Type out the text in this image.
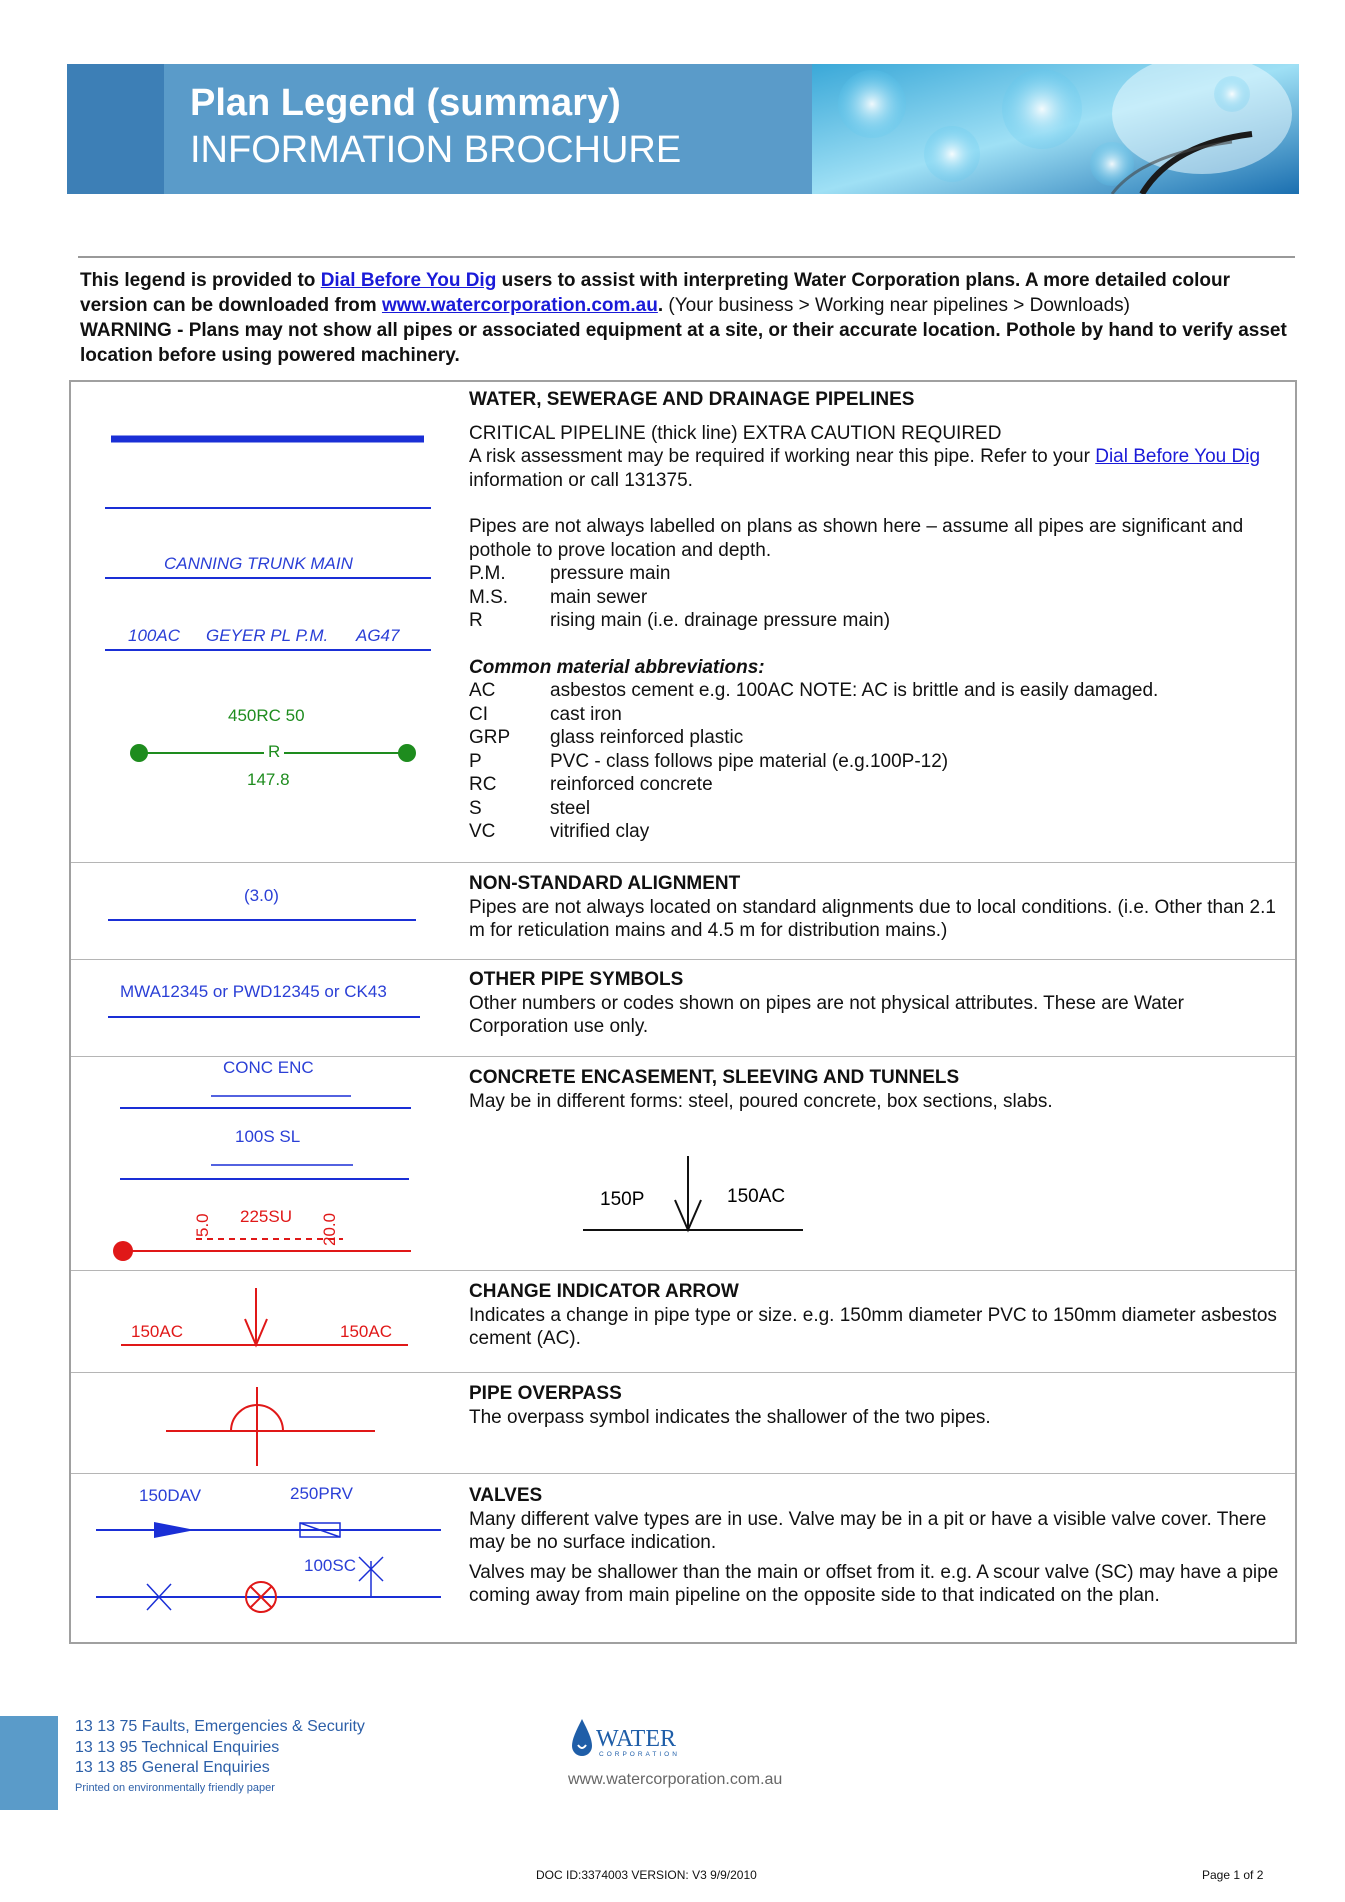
Plan Legend (summary)
INFORMATION BROCHURE
This legend is provided to Dial Before You Dig users to assist with interpreting Water Corporation plans. A more detailed colour version can be downloaded from www.watercorporation.com.au. (Your business > Working near pipelines > Downloads)
WARNING - Plans may not show all pipes or associated equipment at a site, or their accurate location. Pothole by hand to verify asset location before using powered machinery.
WATER, SEWERAGE AND DRAINAGE PIPELINES
CRITICAL PIPELINE (thick line) EXTRA CAUTION REQUIRED
A risk assessment may be required if working near this pipe. Refer to your Dial Before You Dig information or call 131375.
Pipes are not always labelled on plans as shown here – assume all pipes are significant and pothole to prove location and depth.
P.M.	pressure main
M.S.	main sewer
R	rising main (i.e. drainage pressure main)
Common material abbreviations:
AC	asbestos cement e.g. 100AC NOTE: AC is brittle and is easily damaged.
CI	cast iron
GRP	glass reinforced plastic
P	PVC - class follows pipe material (e.g.100P-12)
RC	reinforced concrete
S	steel
VC	vitrified clay
CANNING TRUNK MAIN
100AC GEYER PL P.M. AG47
450RC 50
R
147.8
NON-STANDARD ALIGNMENT
Pipes are not always located on standard alignments due to local conditions. (i.e. Other than 2.1 m for reticulation mains and 4.5 m for distribution mains.)
(3.0)
OTHER PIPE SYMBOLS
Other numbers or codes shown on pipes are not physical attributes. These are Water Corporation use only.
MWA12345 or PWD12345 or CK43
CONCRETE ENCASEMENT, SLEEVING AND TUNNELS
May be in different forms: steel, poured concrete, box sections, slabs.
CONC ENC
100S SL
5.0 225SU 20.0
150P	150AC
CHANGE INDICATOR ARROW
Indicates a change in pipe type or size. e.g. 150mm diameter PVC to 150mm diameter asbestos cement (AC).
150AC	150AC
PIPE OVERPASS
The overpass symbol indicates the shallower of the two pipes.
VALVES
Many different valve types are in use. Valve may be in a pit or have a visible valve cover. There may be no surface indication.
Valves may be shallower than the main or offset from it. e.g. A scour valve (SC) may have a pipe coming away from main pipeline on the opposite side to that indicated on the plan.
150DAV	250PRV
100SC
13 13 75 Faults, Emergencies & Security
13 13 95 Technical Enquiries
13 13 85 General Enquiries
Printed on environmentally friendly paper
WATER
CORPORATION
www.watercorporation.com.au
DOC ID:3374003 VERSION: V3 9/9/2010	Page 1 of 2
